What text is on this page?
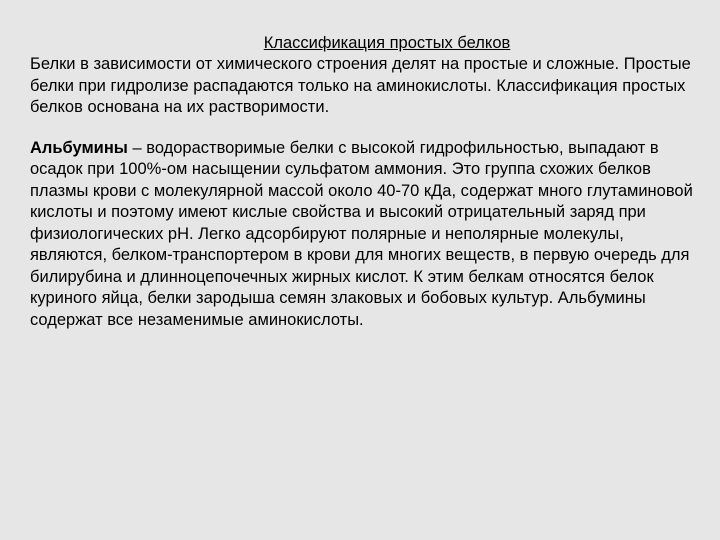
Классификация простых белков

Белки в зависимости от химического строения делят на простые и сложные. Простые белки при гидролизе распадаются только на аминокислоты. Классификация простых белков основана на их растворимости.

Альбумины – водорастворимые белки с высокой гидрофильностью, выпадают в осадок при 100%-ом насыщении сульфатом аммония. Это группа схожих белков плазмы крови с молекулярной массой около 40-70 кДа, содержат много глутаминовой кислоты и поэтому имеют кислые свойства и высокий отрицательный заряд при физиологических pH. Легко адсорбируют полярные и неполярные молекулы, являются, белком-транспортером в крови для многих веществ, в первую очередь для билирубина и длинноцепочечных жирных кислот. К этим белкам относятся белок куриного яйца, белки зародыша семян злаковых и бобовых культур. Альбумины содержат все незаменимые аминокислоты.
